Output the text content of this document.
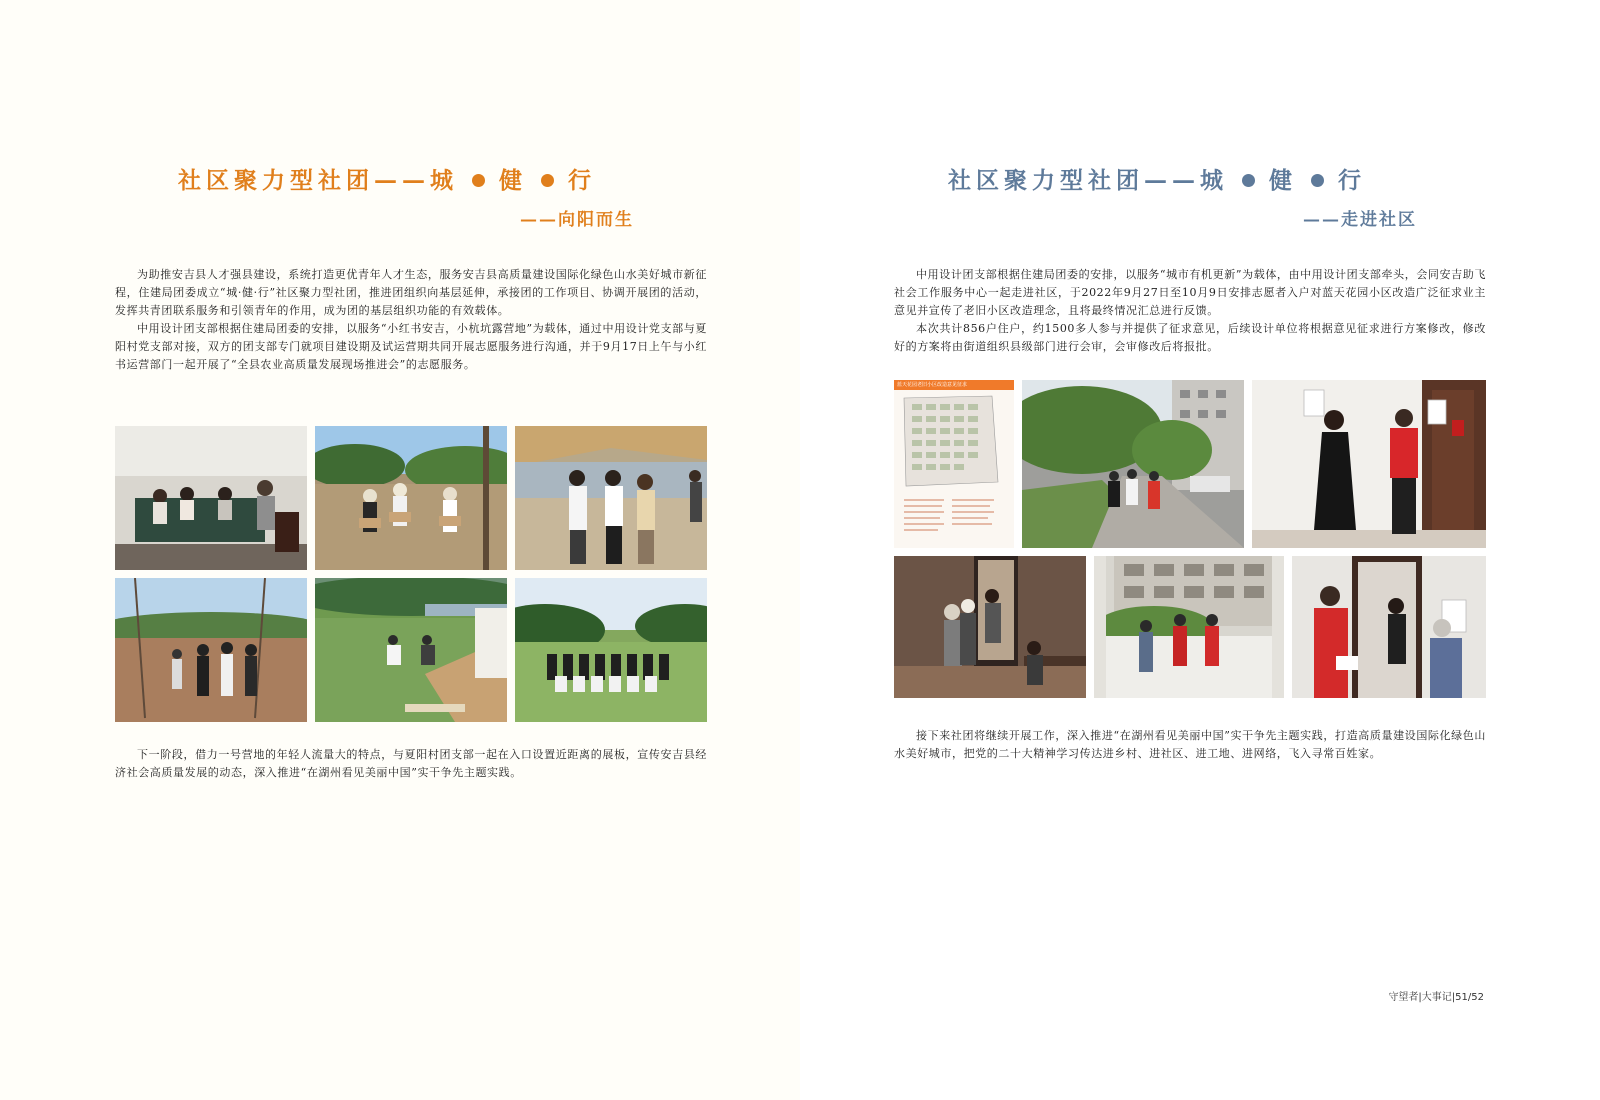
社区聚力型社团——城 健 行
——向阳而生

为助推安吉县人才强县建设，系统打造更优青年人才生态，服务安吉县高质量建设国际化绿色山水美好城市新征程，住建局团委成立“城·健·行”社区聚力型社团，推进团组织向基层延伸，承接团的工作项目、协调开展团的活动，发挥共青团联系服务和引领青年的作用，成为团的基层组织功能的有效载体。

中用设计团支部根据住建局团委的安排，以服务“小红书安吉，小杭坑露营地”为载体，通过中用设计党支部与夏阳村党支部对接，双方的团支部专门就项目建设期及试运营期共同开展志愿服务进行沟通，并于9月17日上午与小红书运营部门一起开展了“全县农业高质量发展现场推进会”的志愿服务。

下一阶段，借力一号营地的年轻人流量大的特点，与夏阳村团支部一起在入口设置近距离的展板，宣传安吉县经济社会高质量发展的动态，深入推进“在湖州看见美丽中国”实干争先主题实践。

社区聚力型社团——城 健 行
——走进社区

中用设计团支部根据住建局团委的安排，以服务“城市有机更新”为载体，由中用设计团支部牵头，会同安吉助飞社会工作服务中心一起走进社区，于2022年9月27日至10月9日安排志愿者入户对蓝天花园小区改造广泛征求业主意见并宣传了老旧小区改造理念，且将最终情况汇总进行反馈。

本次共计856户住户，约1500多人参与并提供了征求意见，后续设计单位将根据意见征求进行方案修改，修改好的方案将由街道组织县级部门进行会审，会审修改后将报批。

蓝天花园老旧小区改造意见征求

接下来社团将继续开展工作，深入推进“在湖州看见美丽中国”实干争先主题实践，打造高质量建设国际化绿色山水美好城市，把党的二十大精神学习传达进乡村、进社区、进工地、进网络，飞入寻常百姓家。

守望者|大事记|51/52
